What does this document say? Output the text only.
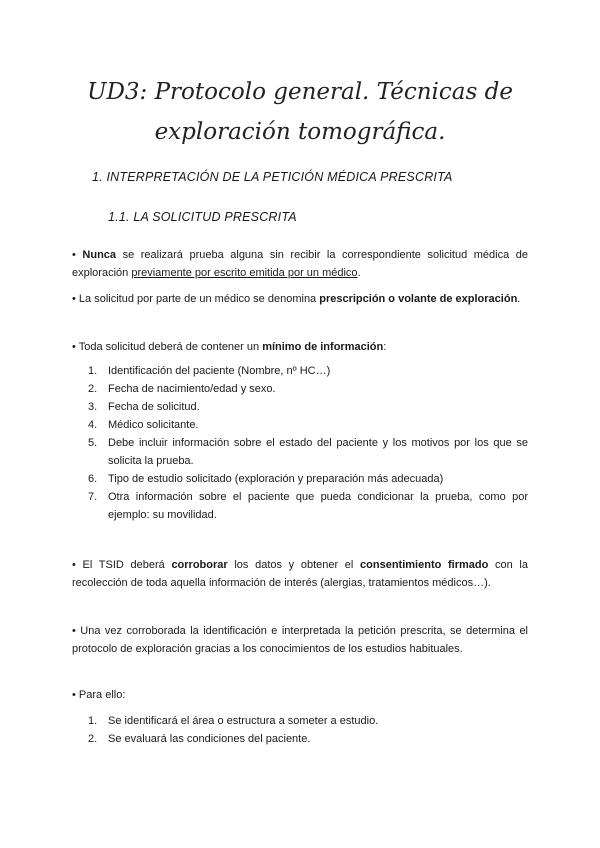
UD3: Protocolo general. Técnicas de exploración tomográfica.
1. INTERPRETACIÓN DE LA PETICIÓN MÉDICA PRESCRITA
1.1. LA SOLICITUD PRESCRITA
• Nunca se realizará prueba alguna sin recibir la correspondiente solicitud médica de exploración previamente por escrito emitida por un médico.
• La solicitud por parte de un médico se denomina prescripción o volante de exploración.
• Toda solicitud deberá de contener un mínimo de información:
1. Identificación del paciente (Nombre, nº HC…)
2. Fecha de nacimiento/edad y sexo.
3. Fecha de solicitud.
4. Médico solicitante.
5. Debe incluir información sobre el estado del paciente y los motivos por los que se solicita la prueba.
6. Tipo de estudio solicitado (exploración y preparación más adecuada)
7. Otra información sobre el paciente que pueda condicionar la prueba, como por ejemplo: su movilidad.
• El TSID deberá corroborar los datos y obtener el consentimiento firmado con la recolección de toda aquella información de interés (alergias, tratamientos médicos…).
• Una vez corroborada la identificación e interpretada la petición prescrita, se determina el protocolo de exploración gracias a los conocimientos de los estudios habituales.
• Para ello:
1. Se identificará el área o estructura a someter a estudio.
2. Se evaluará las condiciones del paciente.
